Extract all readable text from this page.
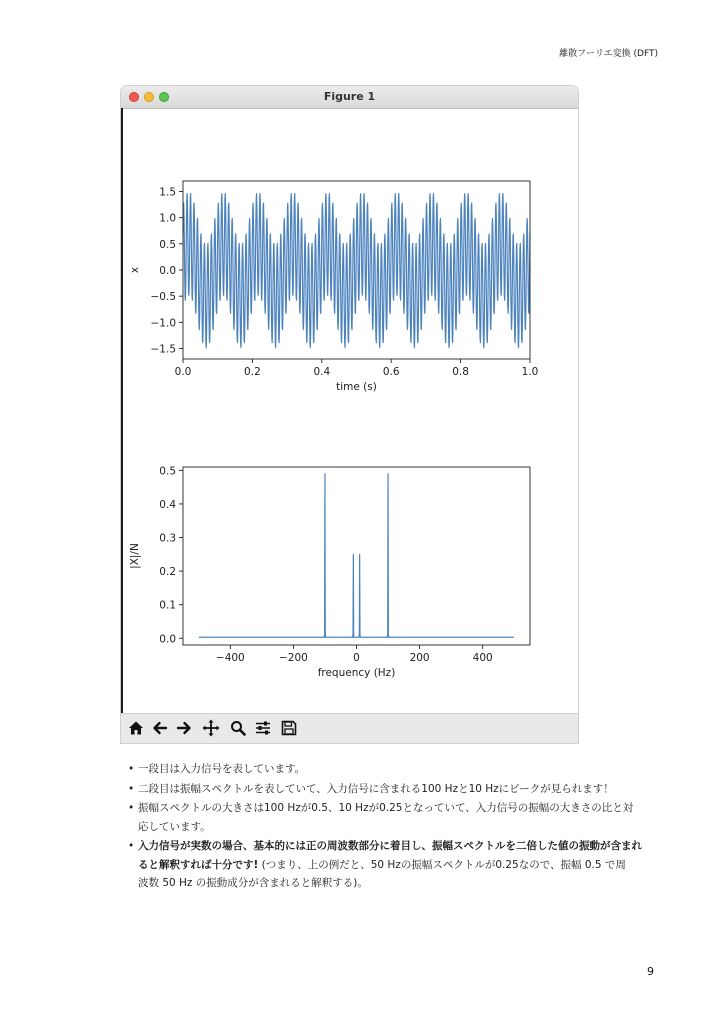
離散フーリエ変換 (DFT)
Figure 1
0.0	0.2	0.4	0.6	0.8	1.0
1.5
1.0
0.5
0.0
−0.5
−1.0
−1.5
time (s)
x
−400	−200	0	200	400
0.5
0.4
0.3
0.2
0.1
0.0
frequency (Hz)
|X|/N
• 一段目は入力信号を表しています。
• 二段目は振幅スペクトルを表していて、入力信号に含まれる100 Hzと10 Hzにピークが見られます！
• 振幅スペクトルの大きさは100 Hzが0.5、10 Hzが0.25となっていて、入力信号の振幅の大きさの比と対
応しています。
• 入力信号が実数の場合、基本的には正の周波数部分に着目し、振幅スペクトルを二倍した値の振動が含まれ
ると解釈すれば十分です! (つまり、上の例だと、50 Hzの振幅スペクトルが0.25なので、振幅 0.5 で周
波数 50 Hz の振動成分が含まれると解釈する)。
9
